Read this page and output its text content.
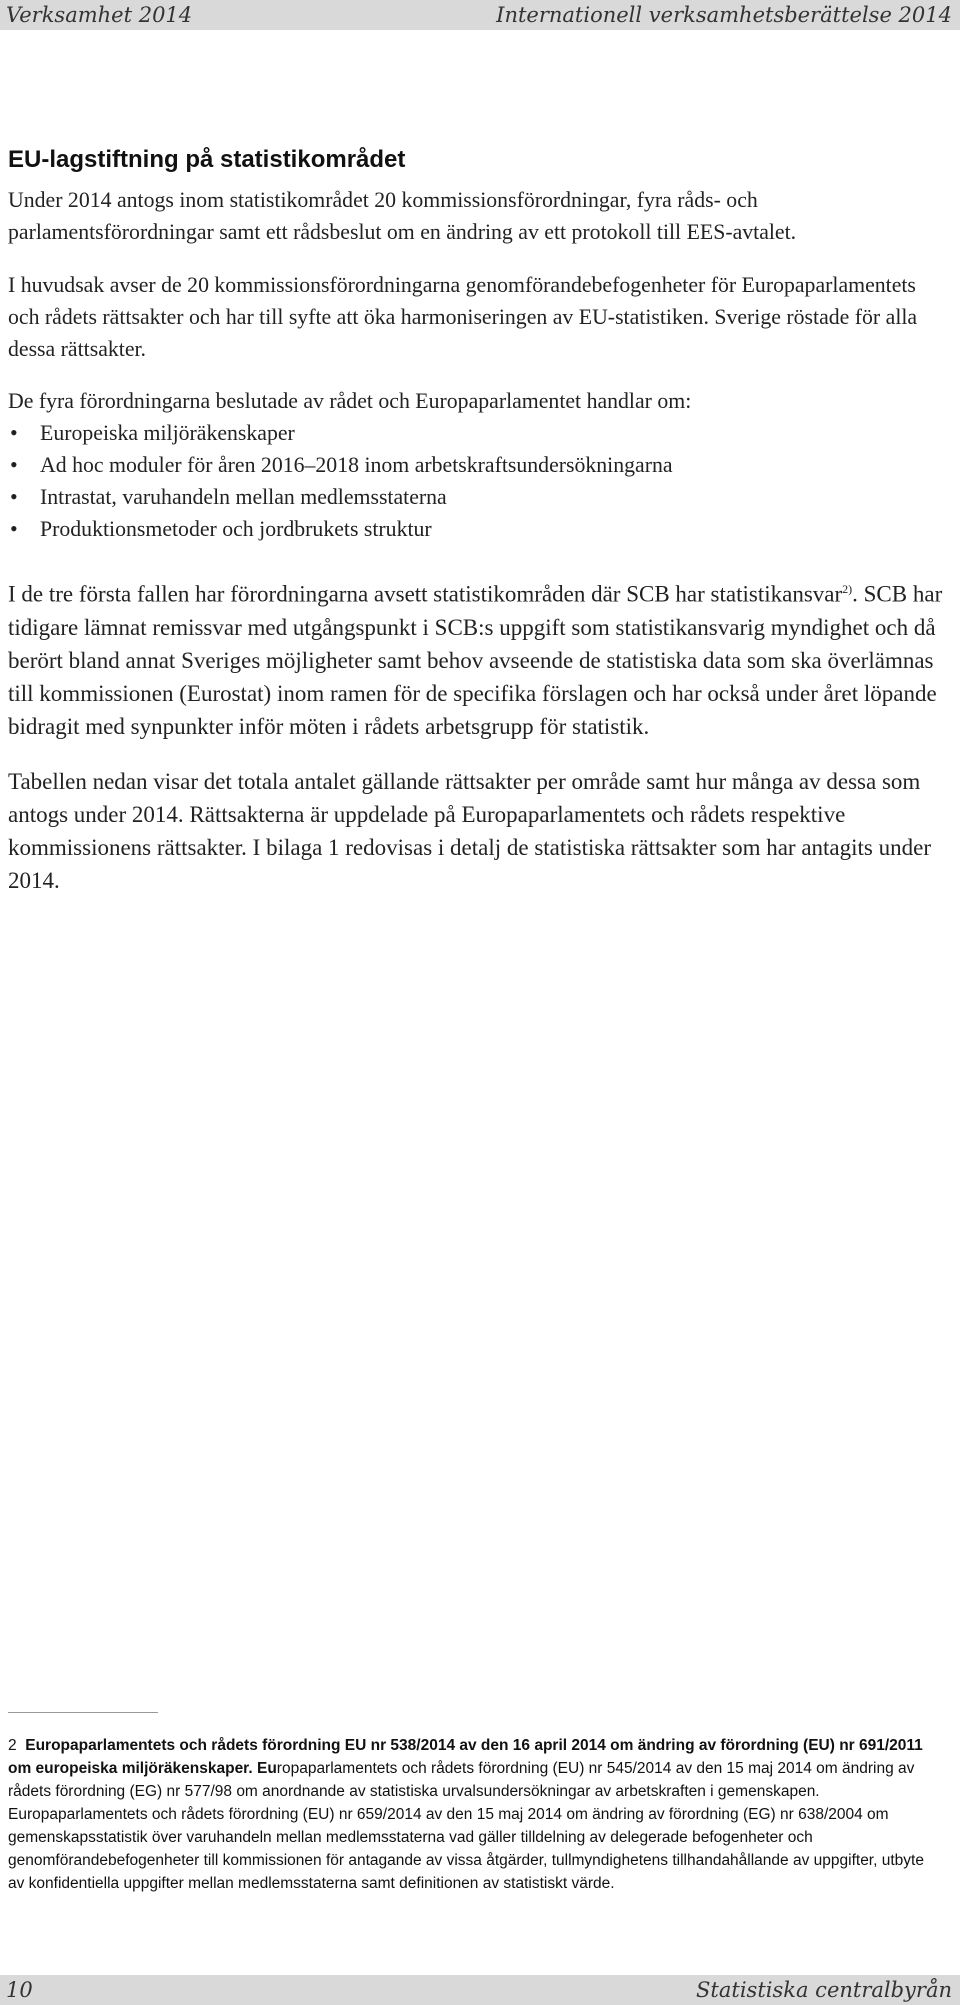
Verksamhet 2014	Internationell verksamhetsberättelse 2014
EU-lagstiftning på statistikområdet

Under 2014 antogs inom statistikområdet 20 kommissionsförordningar, fyra råds- och parlamentsförordningar samt ett rådsbeslut om en ändring av ett protokoll till EES-avtalet.

I huvudsak avser de 20 kommissionsförordningarna genomförandebefogenheter för Europaparlamentets och rådets rättsakter och har till syfte att öka harmoniseringen av EU-statistiken. Sverige röstade för alla dessa rättsakter.

De fyra förordningarna beslutade av rådet och Europaparlamentet handlar om:

• Europeiska miljöräkenskaper
• Ad hoc moduler för åren 2016–2018 inom arbetskraftsundersökningarna
• Intrastat, varuhandeln mellan medlemsstaterna
• Produktionsmetoder och jordbrukets struktur

I de tre första fallen har förordningarna avsett statistikområden där SCB har statistikansvar$^{2)}$. SCB har tidigare lämnat remissvar med utgångspunkt i SCB:s uppgift som statistikansvarig myndighet och då berört bland annat Sveriges möjligheter samt behov avseende de statistiska data som ska överlämnas till kommissionen (Eurostat) inom ramen för de specifika förslagen och har också under året löpande bidragit med synpunkter inför möten i rådets arbetsgrupp för statistik.

Tabellen nedan visar det totala antalet gällande rättsakter per område samt hur många av dessa som antogs under 2014. Rättsakterna är uppdelade på Europaparlamentets och rådets respektive kommissionens rättsakter. I bilaga 1 redovisas i detalj de statistiska rättsakter som har antagits under 2014.

2 Europaparlamentets och rådets förordning EU nr 538/2014 av den 16 april 2014 om ändring av förordning (EU) nr 691/2011 om europeiska miljöräkenskaper. Europaparlamentets och rådets förordning (EU) nr 545/2014 av den 15 maj 2014 om ändring av rådets förordning (EG) nr 577/98 om anordnande av statistiska urvalsundersökningar av arbetskraften i gemenskapen. Europaparlamentets och rådets förordning (EU) nr 659/2014 av den 15 maj 2014 om ändring av förordning (EG) nr 638/2004 om gemenskapsstatistik över varuhandeln mellan medlemsstaterna vad gäller tilldelning av delegerade befogenheter och genomförandebefogenheter till kommissionen för antagande av vissa åtgärder, tullmyndighetens tillhandahållande av uppgifter, utbyte av konfidentiella uppgifter mellan medlemsstaterna samt definitionen av statistiskt värde.
10	Statistiska centralbyrån
